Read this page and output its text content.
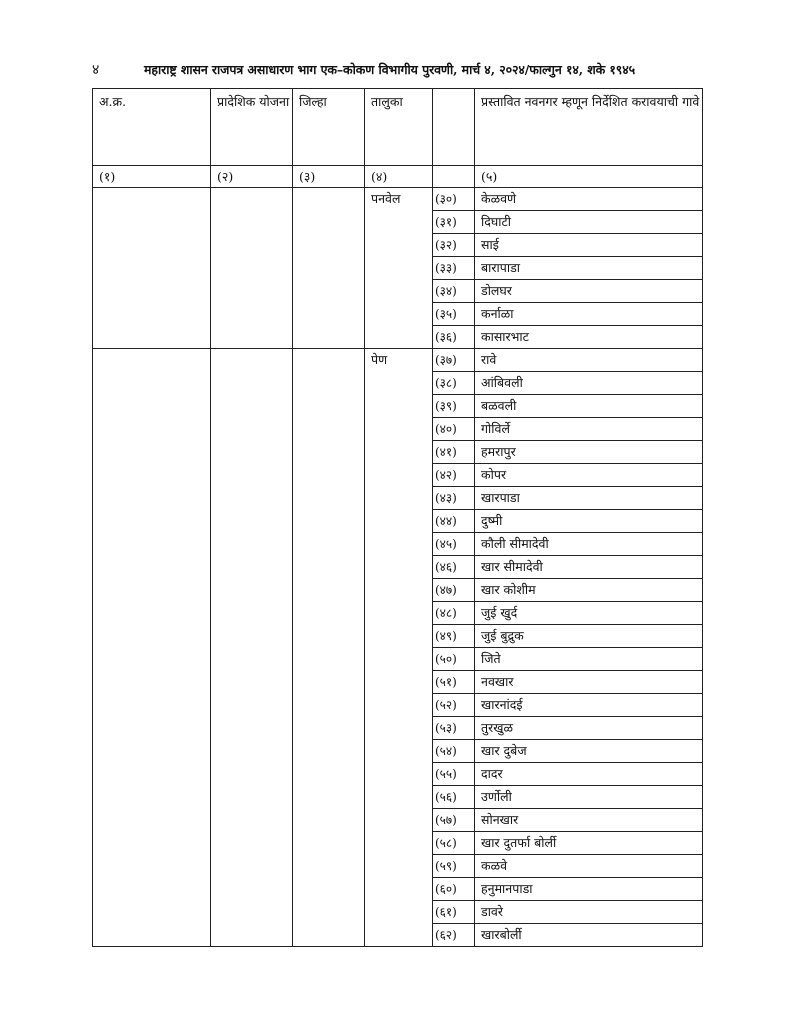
४	महाराष्ट्र शासन राजपत्र असाधारण भाग एक–कोकण विभागीय पुरवणी, मार्च ४, २०२४/फाल्गुन १४, शके १९४५
अ.क्र.	प्रादेशिक योजना	जिल्हा	तालुका		प्रस्तावित नवनगर म्हणून निर्देशित करावयाची गावे
(१)	(२)	(३)	(४)		(५)
			पनवेल	(३०)	केळवणे
				(३१)	दिघाटी
				(३२)	साई
				(३३)	बारापाडा
				(३४)	डोलघर
				(३५)	कर्नाळा
				(३६)	कासारभाट
			पेण	(३७)	रावे
				(३८)	आंबिवली
				(३९)	बळवली
				(४०)	गोविर्ले
				(४१)	हमरापुर
				(४२)	कोपर
				(४३)	खारपाडा
				(४४)	दुष्मी
				(४५)	कौली सीमादेवी
				(४६)	खार सीमादेवी
				(४७)	खार कोशीम
				(४८)	जुई खुर्द
				(४९)	जुई बुद्रुक
				(५०)	जिते
				(५१)	नवखार
				(५२)	खारनांदई
				(५३)	तुरखुळ
				(५४)	खार दुबेज
				(५५)	दादर
				(५६)	उर्णोली
				(५७)	सोनखार
				(५८)	खार दुतर्फा बोर्ली
				(५९)	कळवे
				(६०)	हनुमानपाडा
				(६१)	डावरे
				(६२)	खारबोर्ली
